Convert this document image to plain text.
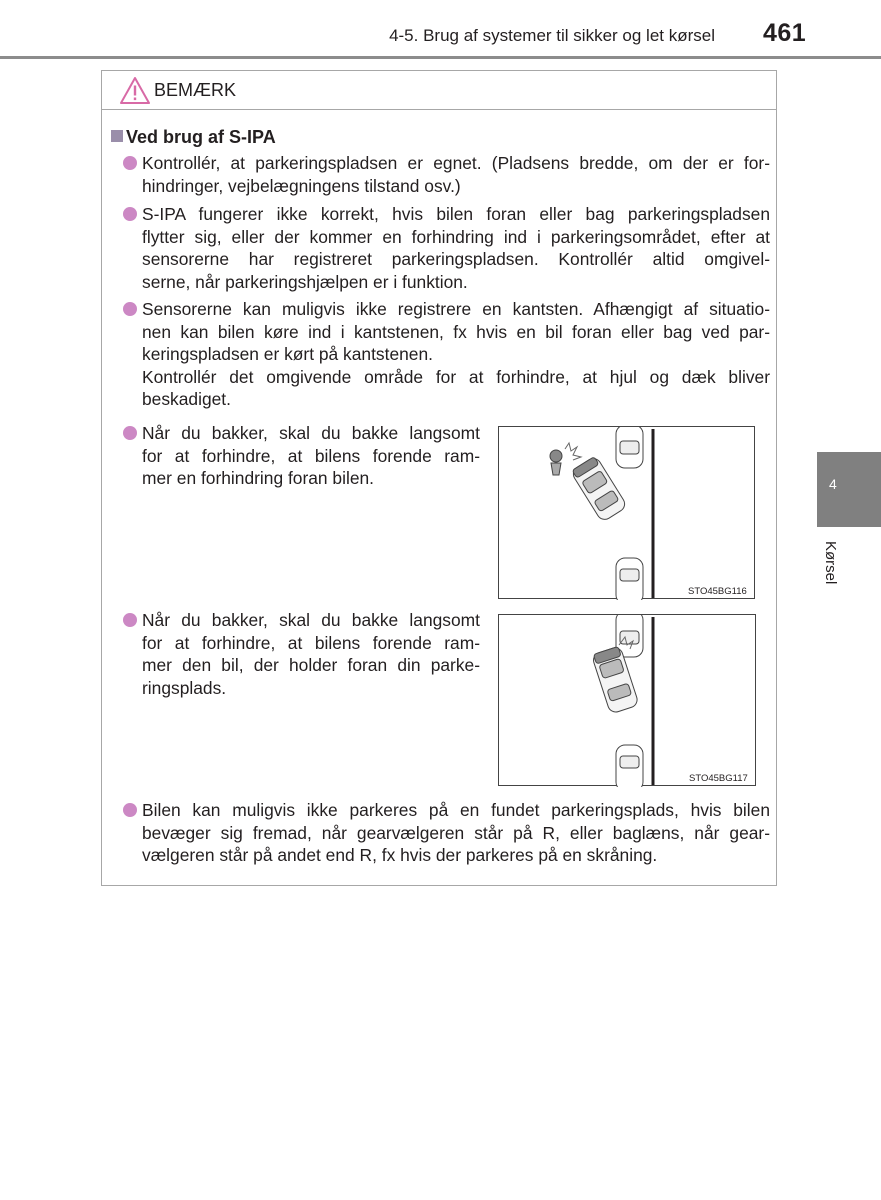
4-5. Brug af systemer til sikker og let kørsel 461
4
Kørsel
BEMÆRK
Ved brug af S-IPA
Kontrollér, at parkeringspladsen er egnet. (Pladsens bredde, om der er for-
hindringer, vejbelægningens tilstand osv.)
S-IPA fungerer ikke korrekt, hvis bilen foran eller bag parkeringspladsen
flytter sig, eller der kommer en forhindring ind i parkeringsområdet, efter at
sensorerne har registreret parkeringspladsen. Kontrollér altid omgivel-
serne, når parkeringshjælpen er i funktion.
Sensorerne kan muligvis ikke registrere en kantsten. Afhængigt af situatio-
nen kan bilen køre ind i kantstenen, fx hvis en bil foran eller bag ved par-
keringspladsen er kørt på kantstenen.
Kontrollér det omgivende område for at forhindre, at hjul og dæk bliver
beskadiget.
Når du bakker, skal du bakke langsomt
for at forhindre, at bilens forende ram-
mer en forhindring foran bilen.
STO45BG116
Når du bakker, skal du bakke langsomt
for at forhindre, at bilens forende ram-
mer den bil, der holder foran din parke-
ringsplads.
STO45BG117
Bilen kan muligvis ikke parkeres på en fundet parkeringsplads, hvis bilen
bevæger sig fremad, når gearvælgeren står på R, eller baglæns, når gear-
vælgeren står på andet end R, fx hvis der parkeres på en skråning.
